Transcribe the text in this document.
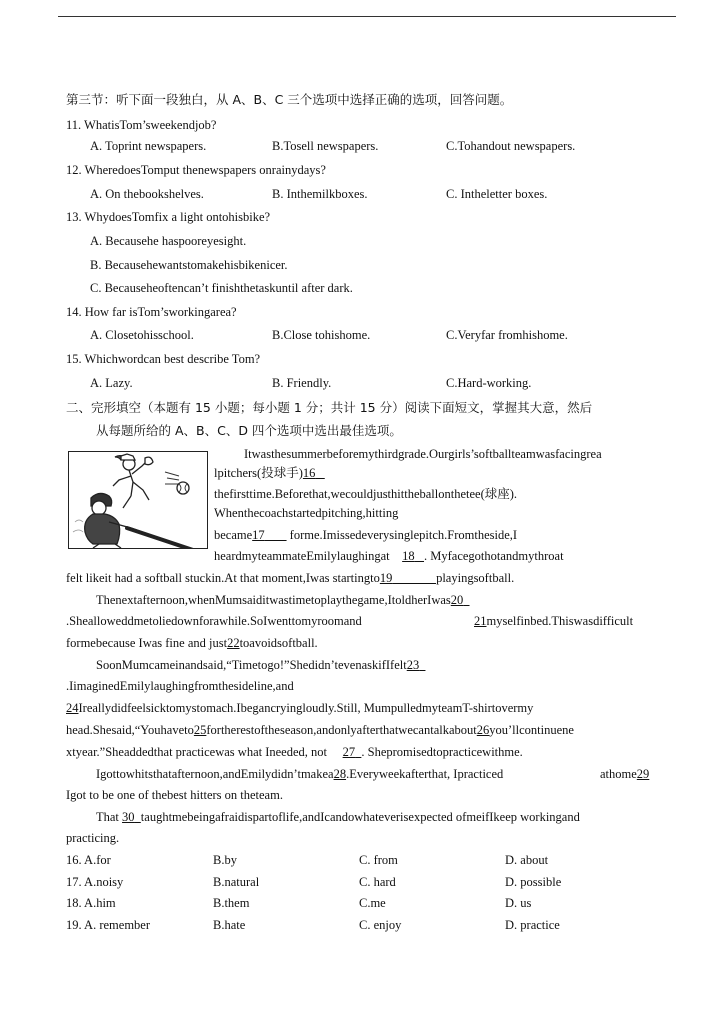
第三节：听下面一段独白，从 A、B、C 三个选项中选择正确的选项，回答问题。
11. WhatisTom’sweekendjob?
A. Toprint newspapers.	B.Tosell newspapers.	C.Tohandout newspapers.
12. WheredoesTomput thenewspapers onrainydays?
A. On thebookshelves.	B. Inthemilkboxes.	C. Intheletter boxes.
13. WhydoesTomfix a light ontohisbike?
A. Becausehe haspooreyesight.
B. Becausehewantstomakehisbikenicer.
C. Becauseheoftencan’t finishthetaskuntil after dark.
14. How far isTom’sworkingarea?
A. Closetohisschool.	B.Close tohishome.	C.Veryfar fromhishome.
15. Whichwordcan best describe Tom?
A. Lazy.	B. Friendly.	C.Hard-working.
二、完形填空（本题有 15 小题；每小题 1 分；共计 15 分）阅读下面短文，掌握其大意，然后
从每题所给的 A、B、C、D 四个选项中选出最佳选项。
Itwasthesummerbeforemythirdgrade.Ourgirls’softballteamwasfacingrea
lpitchers(投球手)16
thefirsttime.Beforethat,wecouldjusthittheballonthetee(球座).
Whenthecoachstartedpitching,hitting
became17 forme.Imissedeverysinglepitch.Fromtheside,I
heardmyteammateEmilylaughingat 18 . Myfacegothotandmythroat
felt likeit had a softball stuckin.At that moment,Iwas startingto19	playingsoftball.
Thenextafternoon,whenMumsaiditwastimetoplaythegame,ItoldherIwas20
.Shealloweddmetoliedownforawhile.SoIwenttomyroomand	21myselfinbed.Thiswasdifficult
formebecause Iwas fine and just22toavoidsoftball.
SoonMumcameinandsaid,“Timetogo!”Shedidn’tevenaskifIfelt23
.IimaginedEmilylaughingfromthesideline,and
24Ireallydidfeelsicktomystomach.Ibegancryingloudly.Still, MumpulledmyteamT-shirtovermy
head.Shesaid,“Youhaveto25fortherestoftheseason,andonlyafterthatwecantalkabout26you’llcontinuene
xtyear.”Sheaddedthat practicewas what Ineeded, not 27 . Shepromisedtopracticewithme.
Igottowhitsthatafternoon,andEmilydidn’tmakea28.Everyweekafterthat, Ipracticed	athome29
Igot to be one of thebest hitters on theteam.
That 30 taughtmebeingafraidispartoflife,andIcandowhateverisexpected ofmeifIkeep workingand
practicing.
16. A.for	B.by	C. from	D. about
17. A.noisy	B.natural	C. hard	D. possible
18. A.him	B.them	C.me	D. us
19. A. remember	B.hate	C. enjoy	D. practice
